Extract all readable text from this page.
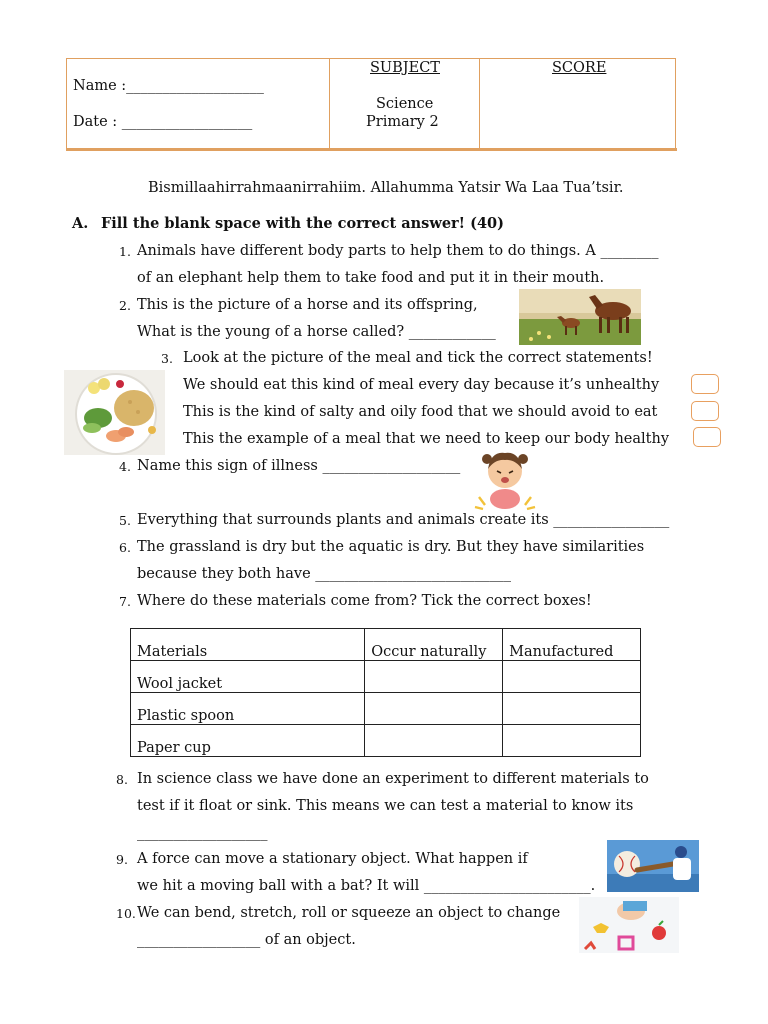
Name :___________________
Date : __________________
SUBJECT
Science
Primary 2
SCORE
Bismillaahirrahmaanirrahiim. Allahumma Yatsir Wa Laa Tua’tsir.
A. Fill the blank space with the correct answer! (40)
1. Animals have different body parts to help them to do things. A ________
of an elephant help them to take food and put it in their mouth.
2. This is the picture of a horse and its offspring,
What is the young of a horse called? ____________
3. Look at the picture of the meal and tick the correct statements!
We should eat this kind of meal every day because it’s unhealthy
This is the kind of salty and oily food that we should avoid to eat
This the example of a meal that we need to keep our body healthy
4. Name this sign of illness ___________________
5. Everything that surrounds plants and animals create its ________________
6. The grassland is dry but the aquatic is dry. But they have similarities
because they both have ___________________________
7. Where do these materials come from? Tick the correct boxes!
Materials	Occur naturally	Manufactured
Wool jacket		
Plastic spoon		
Paper cup		
8. In science class we have done an experiment to different materials to
test if it float or sink. This means we can test a material to know its
__________________
9. A force can move a stationary object. What happen if
we hit a moving ball with a bat? It will _______________________.
10. We can bend, stretch, roll or squeeze an object to change
_________________ of an object.
